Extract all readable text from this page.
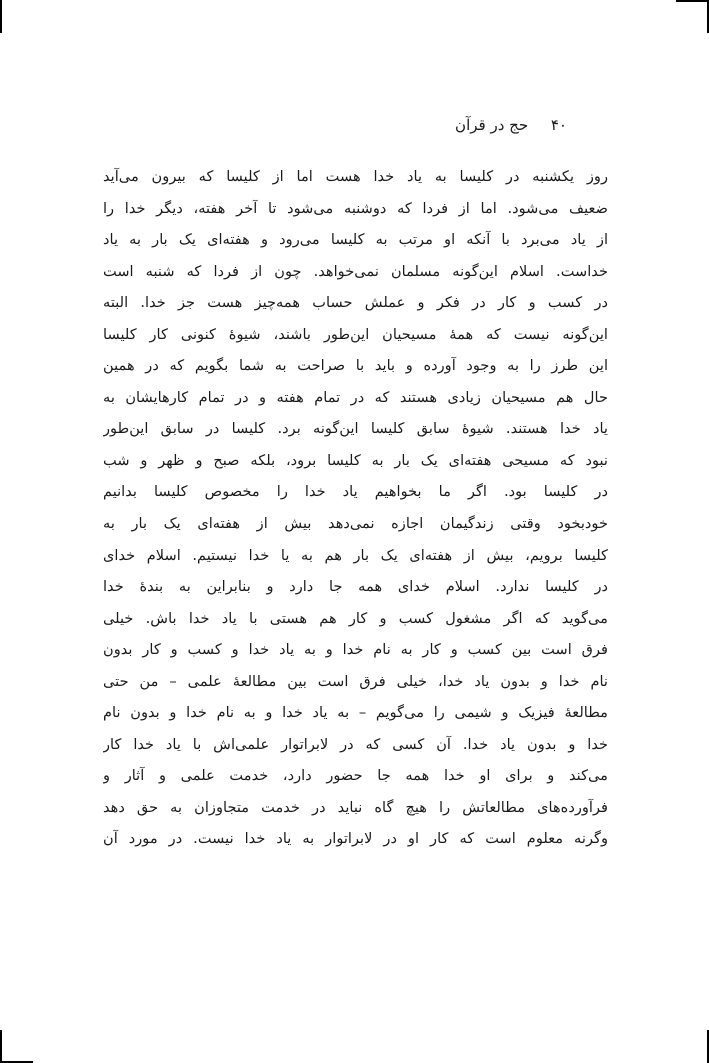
۴۰ حج در قرآن
روز یکشنبه در کلیسا به یاد خدا هست اما از کلیسا که بیرون می‌آید
ضعیف می‌شود. اما از فردا که دوشنبه می‌شود تا آخر هفته، دیگر خدا را
از یاد می‌برد با آنکه او مرتب به کلیسا می‌رود و هفته‌ای یک بار به یاد
خداست. اسلام این‌گونه مسلمان نمی‌خواهد. چون از فردا که شنبه است
در کسب و کار در فکر و عملش حساب همه‌چیز هست جز خدا. البته
این‌گونه نیست که همهٔ مسیحیان این‌طور باشند، شیوهٔ کنونی کار کلیسا
این طرز را به وجود آورده و باید با صراحت به شما بگویم که در همین
حال هم مسیحیان زیادی هستند که در تمام هفته و در تمام کارهایشان به
یاد خدا هستند. شیوهٔ سابق کلیسا این‌گونه برد. کلیسا در سابق این‌طور
نبود که مسیحی هفته‌ای یک بار به کلیسا برود، بلکه صبح و ظهر و شب
در کلیسا بود. اگر ما بخواهیم یاد خدا را مخصوص کلیسا بدانیم
خودبخود وقتی زندگیمان اجازه نمی‌دهد بیش از هفته‌ای یک بار به
کلیسا برویم، بیش از هفته‌ای یک بار هم به یا خدا نیستیم. اسلام خدای
در کلیسا ندارد. اسلام خدای همه جا دارد و بنابراین به بندهٔ خدا
می‌گوید که اگر مشغول کسب و کار هم هستی با یاد خدا باش. خیلی
فرق است بین کسب و کار به نام خدا و به یاد خدا و کسب و کار بدون
نام خدا و بدون یاد خدا، خیلی فرق است بین مطالعهٔ علمی – من حتی
مطالعهٔ فیزیک و شیمی را می‌گویم – به یاد خدا و به نام خدا و بدون نام
خدا و بدون یاد خدا. آن کسی که در لابراتوار علمی‌اش با یاد خدا کار
می‌کند و برای او خدا همه جا حضور دارد، خدمت علمی و آثار و
فرآورده‌های مطالعاتش را هیچ گاه نباید در خدمت متجاوزان به حق دهد
وگرنه معلوم است که کار او در لابراتوار به یاد خدا نیست. در مورد آن
